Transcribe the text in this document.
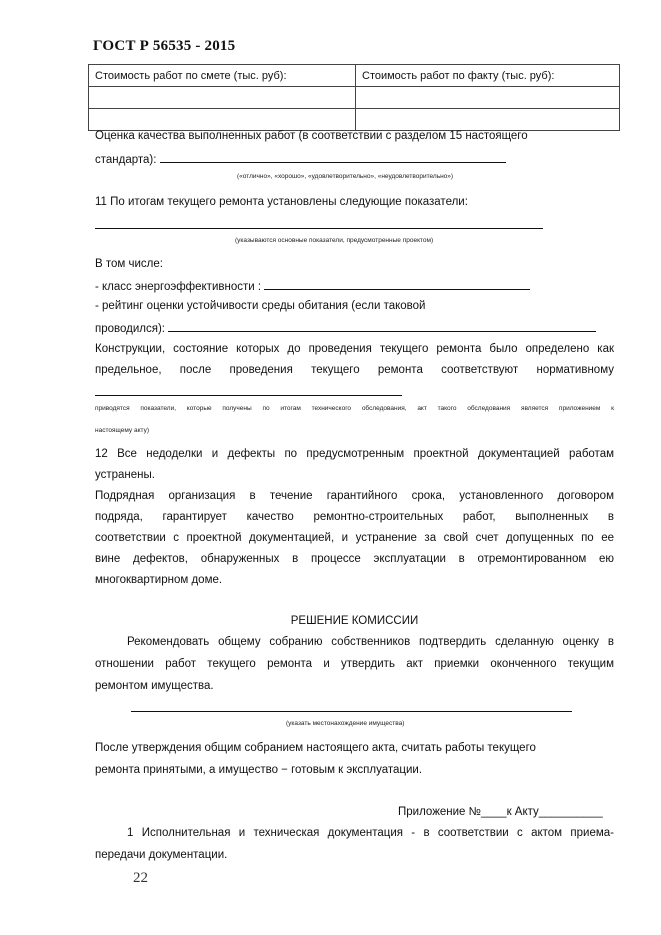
ГОСТ Р 56535 - 2015
Стоимость работ по смете (тыс. руб):	Стоимость работ по факту (тыс. руб):

Оценка качества выполненных работ (в соответствии с разделом 15 настоящего
стандарта):
(«отлично», «хорошо», «удовлетворительно», «неудовлетворительно»)
11 По итогам текущего ремонта установлены следующие показатели:
(указываются основные показатели, предусмотренные проектом)
В том числе:
- класс энергоэффективности :
- рейтинг оценки устойчивости среды обитания (если таковой
проводился):
Конструкции, состояние которых до проведения текущего ремонта было определено как
предельное, после проведения текущего ремонта соответствуют нормативному
приводятся показатели, которые получены по итогам технического обследования, акт такого обследования является приложением к
настоящему акту)
12 Все недоделки и дефекты по предусмотренным проектной документацией работам
устранены.
Подрядная организация в течение гарантийного срока, установленного договором
подряда, гарантирует качество ремонтно-строительных работ, выполненных в
соответствии с проектной документацией, и устранение за свой счет допущенных по ее
вине дефектов, обнаруженных в процессе эксплуатации в отремонтированном ею
многоквартирном доме.
РЕШЕНИЕ КОМИССИИ
Рекомендовать общему собранию собственников подтвердить сделанную оценку в
отношении работ текущего ремонта и утвердить акт приемки оконченного текущим
ремонтом имущества.
(указать местонахождение имущества)
После утверждения общим собранием настоящего акта, считать работы текущего
ремонта принятыми, а имущество − готовым к эксплуатации.
Приложение №____к Акту__________
1 Исполнительная и техническая документация - в соответствии с актом приема-
передачи документации.
22
